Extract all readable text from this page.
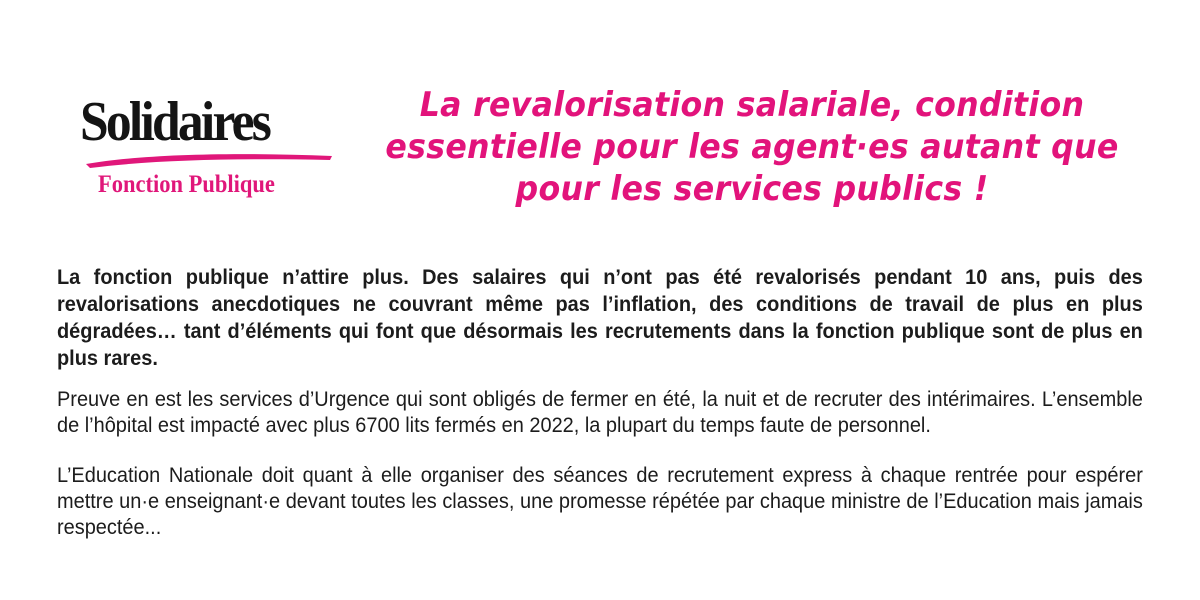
Solidaires
Fonction Publique
La revalorisation salariale, condition essentielle pour les agent·es autant que pour les services publics !

La fonction publique n’attire plus. Des salaires qui n’ont pas été revalorisés pendant 10 ans, puis des revalorisations anecdotiques ne couvrant même pas l’inflation, des conditions de travail de plus en plus dégradées… tant d’éléments qui font que désormais les recrutements dans la fonction publique sont de plus en plus rares.

Preuve en est les services d’Urgence qui sont obligés de fermer en été, la nuit et de recruter des intérimaires. L’ensemble de l’hôpital est impacté avec plus 6700 lits fermés en 2022, la plupart du temps faute de personnel.

L’Education Nationale doit quant à elle organiser des séances de recrutement express à chaque rentrée pour espérer mettre un·e enseignant·e devant toutes les classes, une promesse répétée par chaque ministre de l’Education mais jamais respectée...
